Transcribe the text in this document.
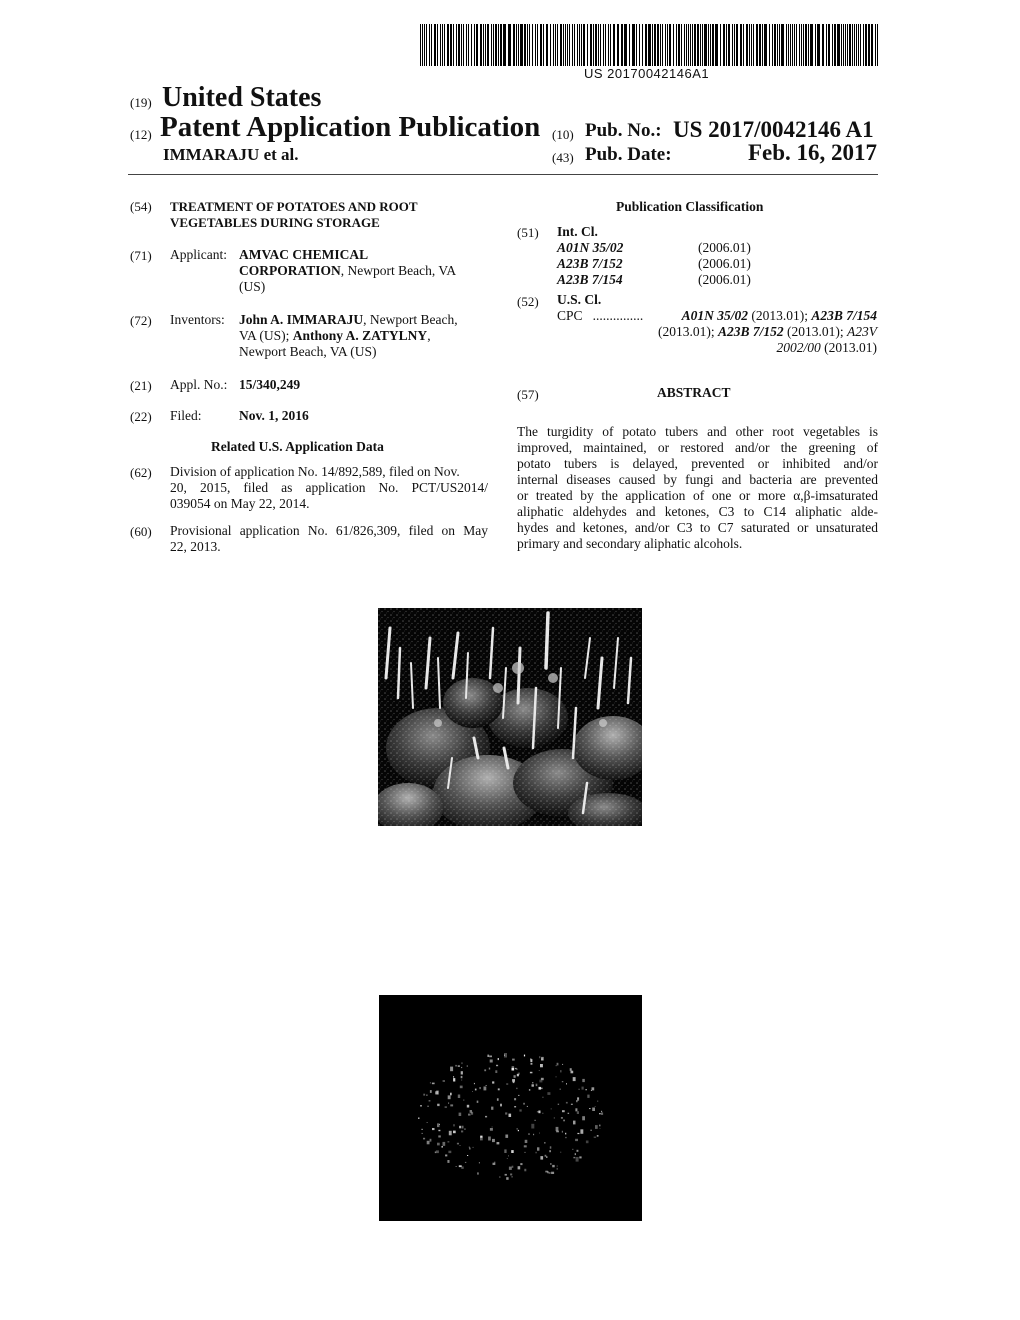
US 20170042146A1
(19) United States
(12) Patent Application Publication
IMMARAJU et al.
(10) Pub. No.: US 2017/0042146 A1
(43) Pub. Date:	Feb. 16, 2017
(54) TREATMENT OF POTATOES AND ROOT
VEGETABLES DURING STORAGE
(71) Applicant: AMVAC CHEMICAL
CORPORATION, Newport Beach, VA
(US)
(72) Inventors: John A. IMMARAJU, Newport Beach,
VA (US); Anthony A. ZATYLNY,
Newport Beach, VA (US)
(21) Appl. No.: 15/340,249
(22) Filed:	Nov. 1, 2016
Related U.S. Application Data
(62) Division of application No. 14/892,589, filed on Nov.
20, 2015, filed as application No. PCT/US2014/
039054 on May 22, 2014.
(60) Provisional application No. 61/826,309, filed on May
22, 2013.
Publication Classification
(51) Int. Cl.
A01N 35/02	(2006.01)
A23B 7/152	(2006.01)
A23B 7/154	(2006.01)
(52) U.S. Cl.
CPC ...............	A01N 35/02 (2013.01); A23B 7/154
(2013.01); A23B 7/152 (2013.01); A23V
2002/00 (2013.01)
(57)	ABSTRACT
The turgidity of potato tubers and other root vegetables is
improved, maintained, or restored and/or the greening of
potato tubers is delayed, prevented or inhibited and/or
internal diseases caused by fungi and bacteria are prevented
or treated by the application of one or more α,β-imsaturated
aliphatic aldehydes and ketones, C3 to C14 aliphatic alde-
hydes and ketones, and/or C3 to C7 saturated or unsaturated
primary and secondary aliphatic alcohols.
